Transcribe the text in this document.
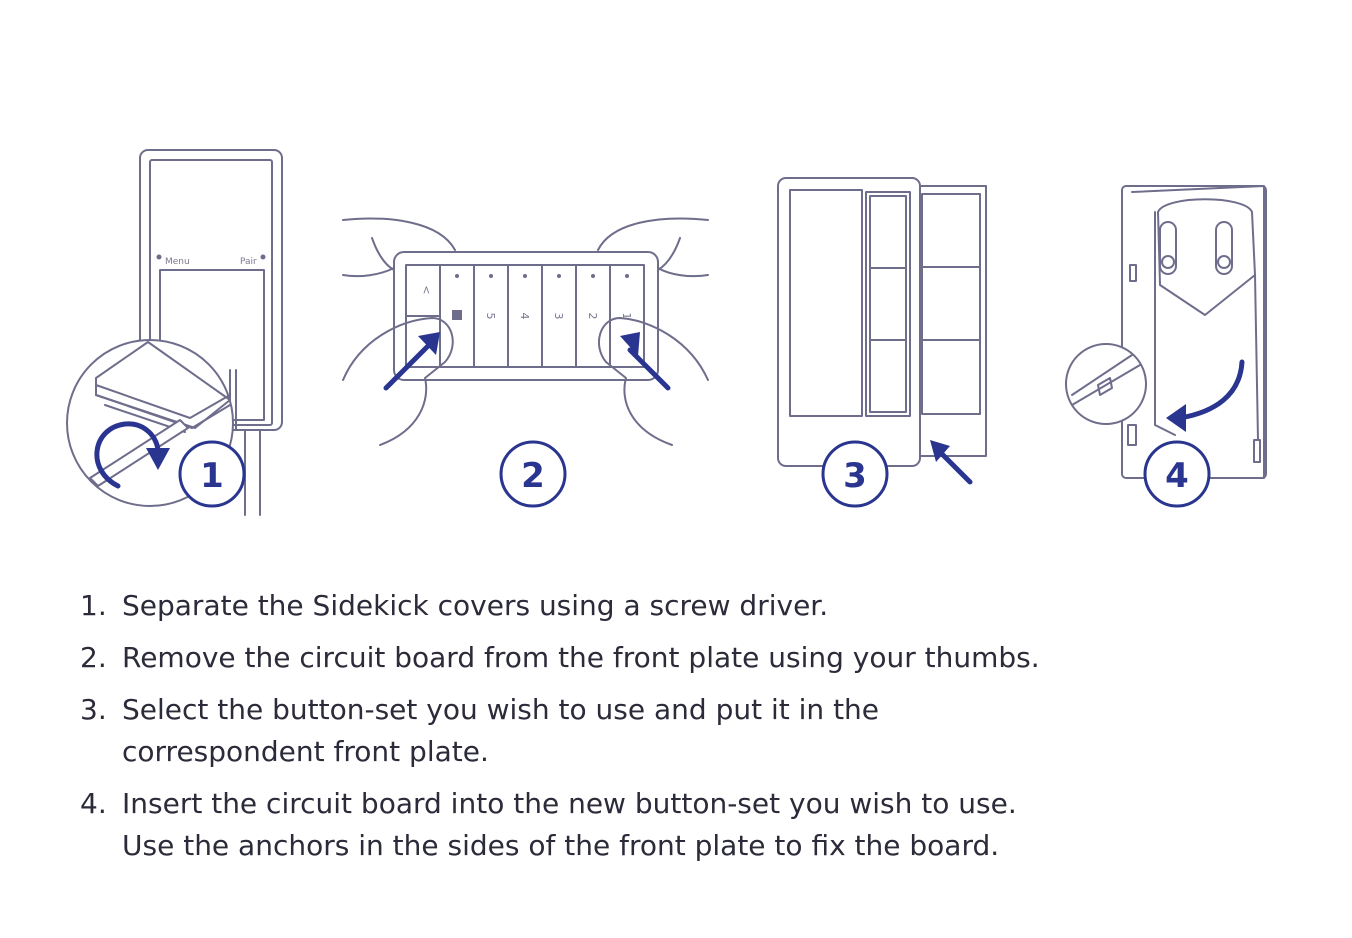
1	2	3	4
Menu	Pair
<
5 4 3 2 1
1. Separate the Sidekick covers using a screw driver.
2. Remove the circuit board from the front plate using your thumbs.
3. Select the button-set you wish to use and put it in the
correspondent front plate.
4. Insert the circuit board into the new button-set you wish to use.
Use the anchors in the sides of the front plate to fix the board.
